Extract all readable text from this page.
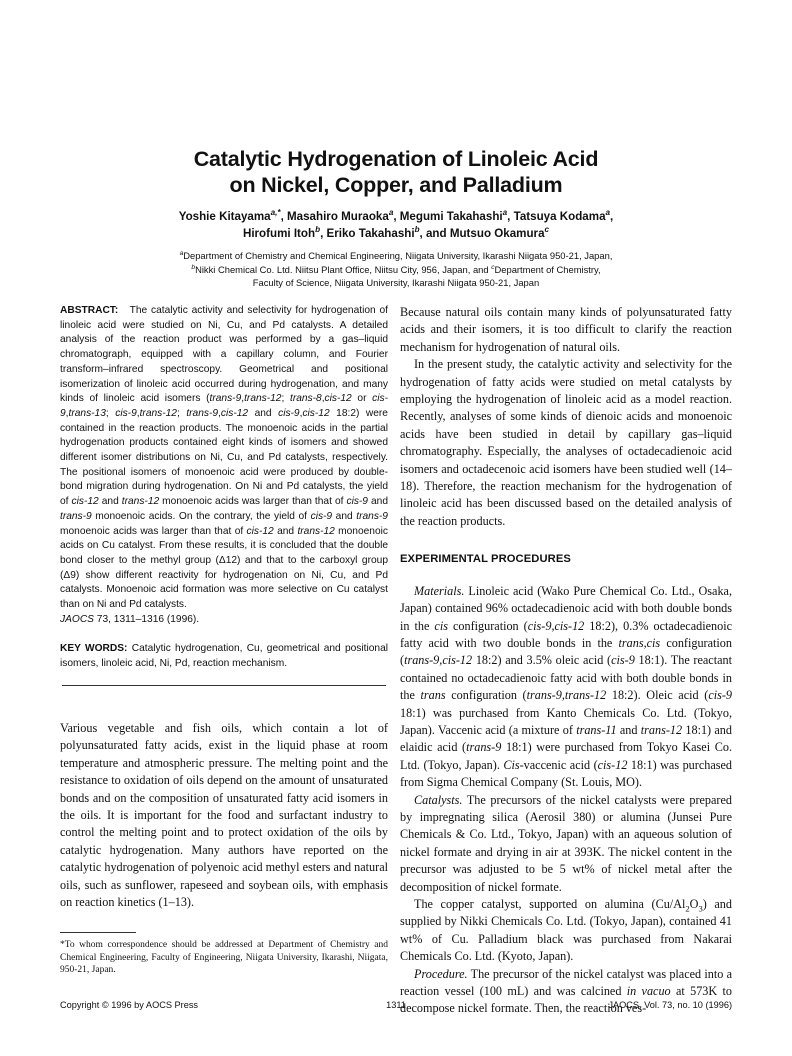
Catalytic Hydrogenation of Linoleic Acid
on Nickel, Copper, and Palladium
Yoshie Kitayama$^{a,*}$, Masahiro Muraoka$^a$, Megumi Takahashi$^a$, Tatsuya Kodama$^a$,
Hirofumi Itoh$^b$, Eriko Takahashi$^b$, and Mutsuo Okamura$^c$
$^a$Department of Chemistry and Chemical Engineering, Niigata University, Ikarashi Niigata 950-21, Japan,
$^b$Nikki Chemical Co. Ltd. Niitsu Plant Office, Niitsu City, 956, Japan, and $^c$Department of Chemistry,
Faculty of Science, Niigata University, Ikarashi Niigata 950-21, Japan

ABSTRACT: The catalytic activity and selectivity for hydrogenation of linoleic acid were studied on Ni, Cu, and Pd catalysts. A detailed analysis of the reaction product was performed by a gas–liquid chromatograph, equipped with a capillary column, and Fourier transform–infrared spectroscopy. Geometrical and positional isomerization of linoleic acid occurred during hydrogenation, and many kinds of linoleic acid isomers (trans-9,trans-12; trans-8,cis-12 or cis-9,trans-13; cis-9,trans-12; trans-9,cis-12 and cis-9,cis-12 18:2) were contained in the reaction products. The monoenoic acids in the partial hydrogenation products contained eight kinds of isomers and showed different isomer distributions on Ni, Cu, and Pd catalysts, respectively. The positional isomers of monoenoic acid were produced by double- bond migration during hydrogenation. On Ni and Pd catalysts, the yield of cis-12 and trans-12 monoenoic acids was larger than that of cis-9 and trans-9 monoenoic acids. On the contrary, the yield of cis-9 and trans-9 monoenoic acids was larger than that of cis-12 and trans-12 monoenoic acids on Cu catalyst. From these results, it is concluded that the double bond closer to the methyl group (Δ12) and that to the carboxyl group (Δ9) show different reactivity for hydrogenation on Ni, Cu, and Pd catalysts. Monoenoic acid formation was more selective on Cu catalyst than on Ni and Pd catalysts.

JAOCS 73, 1311–1316 (1996).

KEY WORDS: Catalytic hydrogenation, Cu, geometrical and positional isomers, linoleic acid, Ni, Pd, reaction mechanism.

Various vegetable and fish oils, which contain a lot of polyunsaturated fatty acids, exist in the liquid phase at room temperature and atmospheric pressure. The melting point and the resistance to oxidation of oils depend on the amount of unsaturated bonds and on the composition of unsaturated fatty acid isomers in the oils. It is important for the food and surfactant industry to control the melting point and to protect oxidation of the oils by catalytic hydrogenation. Many authors have reported on the catalytic hydrogenation of polyenoic acid methyl esters and natural oils, such as sunflower, rapeseed and soybean oils, with emphasis on reaction kinetics (1–13).

*To whom correspondence should be addressed at Department of Chemistry and Chemical Engineering, Faculty of Engineering, Niigata University, Ikarashi, Niigata, 950-21, Japan.

Because natural oils contain many kinds of polyunsaturated fatty acids and their isomers, it is too difficult to clarify the reaction mechanism for hydrogenation of natural oils.

In the present study, the catalytic activity and selectivity for the hydrogenation of fatty acids were studied on metal catalysts by employing the hydrogenation of linoleic acid as a model reaction. Recently, analyses of some kinds of dienoic acids and monoenoic acids have been studied in detail by capillary gas–liquid chromatography. Especially, the analyses of octadecadienoic acid isomers and octadecenoic acid isomers have been studied well (14–18). Therefore, the reaction mechanism for the hydrogenation of linoleic acid has been discussed based on the detailed analysis of the reaction products.

EXPERIMENTAL PROCEDURES

Materials. Linoleic acid (Wako Pure Chemical Co. Ltd., Osaka, Japan) contained 96% octadecadienoic acid with both double bonds in the cis configuration (cis-9,cis-12 18:2), 0.3% octadecadienoic fatty acid with two double bonds in the trans,cis configuration (trans-9,cis-12 18:2) and 3.5% oleic acid (cis-9 18:1). The reactant contained no octadecadienoic fatty acid with both double bonds in the trans configuration (trans-9,trans-12 18:2). Oleic acid (cis-9 18:1) was purchased from Kanto Chemicals Co. Ltd. (Tokyo, Japan). Vaccenic acid (a mixture of trans-11 and trans-12 18:1) and elaidic acid (trans-9 18:1) were purchased from Tokyo Kasei Co. Ltd. (Tokyo, Japan). Cis-vaccenic acid (cis-12 18:1) was purchased from Sigma Chemical Company (St. Louis, MO).

Catalysts. The precursors of the nickel catalysts were prepared by impregnating silica (Aerosil 380) or alumina (Junsei Pure Chemicals & Co. Ltd., Tokyo, Japan) with an aqueous solution of nickel formate and drying in air at 393K. The nickel content in the precursor was adjusted to be 5 wt% of nickel metal after the decomposition of nickel formate.

The copper catalyst, supported on alumina $(Cu/Al_2O_3)$ and supplied by Nikki Chemicals Co. Ltd. (Tokyo, Japan), contained 41 wt% of Cu. Palladium black was purchased from Nakarai Chemicals Co. Ltd. (Kyoto, Japan).

Procedure. The precursor of the nickel catalyst was placed into a reaction vessel (100 mL) and was calcined in vacuo at 573K to decompose nickel formate. Then, the reaction ves-

Copyright © 1996 by AOCS Press	1311	JAOCS, Vol. 73, no. 10 (1996)
